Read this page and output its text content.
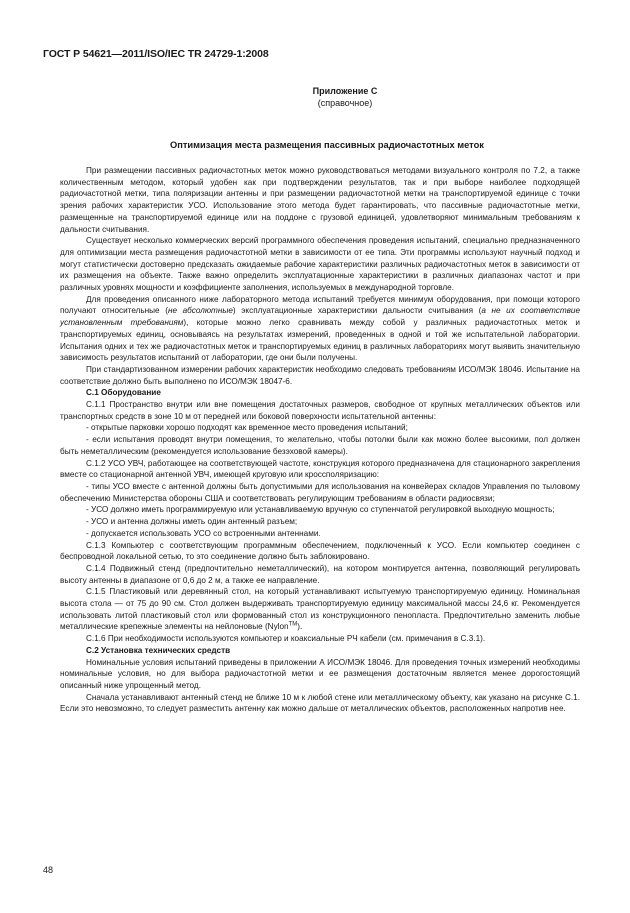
ГОСТ Р 54621—2011/ISO/IEC TR 24729-1:2008
Приложение С
(справочное)
Оптимизация места размещения пассивных радиочастотных меток

При размещении пассивных радиочастотных меток можно руководствоваться методами визуального контроля по 7.2, а также количественным методом, который удобен как при подтверждении результатов, так и при выборе наиболее подходящей радиочастотной метки, типа поляризации антенны и при размещении радиочастотной метки на транспортируемой единице с точки зрения рабочих характеристик УСО. Использование этого метода будет гарантировать, что пассивные радиочастотные метки, размещенные на транспортируемой единице или на поддоне с грузовой единицей, удовлетворяют минимальным требованиям к дальности считывания.

Существует несколько коммерческих версий программного обеспечения проведения испытаний, специально предназначенного для оптимизации места размещения радиочастотной метки в зависимости от ее типа. Эти программы используют научный подход и могут статистически достоверно предсказать ожидаемые рабочие характеристики различных радиочастотных меток в зависимости от их размещения на объекте. Также важно определить эксплуатационные характеристики в различных диапазонах частот и при различных уровнях мощности и коэффициенте заполнения, используемых в международной торговле.

Для проведения описанного ниже лабораторного метода испытаний требуется минимум оборудования, при помощи которого получают относительные (не абсолютные) эксплуатационные характеристики дальности считывания (а не их соответствие установленным требованиям), которые можно легко сравнивать между собой у различных радиочастотных меток и транспортируемых единиц, основываясь на результатах измерений, проведенных в одной и той же испытательной лаборатории. Испытания одних и тех же радиочастотных меток и транспортируемых единиц в различных лабораториях могут выявить значительную зависимость результатов испытаний от лаборатории, где они были получены.

При стандартизованном измерении рабочих характеристик необходимо следовать требованиям ИСО/МЭК 18046. Испытание на соответствие должно быть выполнено по ИСО/МЭК 18047-6.

С.1 Оборудование

С.1.1 Пространство внутри или вне помещения достаточных размеров, свободное от крупных металлических объектов или транспортных средств в зоне 10 м от передней или боковой поверхности испытательной антенны:

- открытые парковки хорошо подходят как временное место проведения испытаний;

- если испытания проводят внутри помещения, то желательно, чтобы потолки были как можно более высокими, пол должен быть неметаллическим (рекомендуется использование безэховой камеры).

С.1.2 УСО УВЧ, работающее на соответствующей частоте, конструкция которого предназначена для стационарного закрепления вместе со стационарной антенной УВЧ, имеющей круговую или кроссполяризацию:

- типы УСО вместе с антенной должны быть допустимыми для использования на конвейерах складов Управления по тыловому обеспечению Министерства обороны США и соответствовать регулирующим требованиям в области радиосвязи;

- УСО должно иметь программируемую или устанавливаемую вручную со ступенчатой регулировкой выходную мощность;

- УСО и антенна должны иметь один антенный разъем;

- допускается использовать УСО со встроенными антеннами.

С.1.3 Компьютер с соответствующим программным обеспечением, подключенный к УСО. Если компьютер соединен с беспроводной локальной сетью, то это соединение должно быть заблокировано.

С.1.4 Подвижный стенд (предпочтительно неметаллический), на котором монтируется антенна, позволяющий регулировать высоту антенны в диапазоне от 0,6 до 2 м, а также ее направление.

С.1.5 Пластиковый или деревянный стол, на который устанавливают испытуемую транспортируемую единицу. Номинальная высота стола — от 75 до 90 см. Стол должен выдерживать транспортируемую единицу максимальной массы 24,6 кг. Рекомендуется использовать литой пластиковый стол или формованный стол из конструкционного пенопласта. Предпочтительно заменить любые металлические крепежные элементы на нейлоновые (Nylon™).

С.1.6 При необходимости используются компьютер и коаксиальные РЧ кабели (см. примечания в С.3.1).

С.2 Установка технических средств

Номинальные условия испытаний приведены в приложении А ИСО/МЭК 18046. Для проведения точных измерений необходимы номинальные условия, но для выбора радиочастотной метки и ее размещения достаточным является менее дорогостоящий описанный ниже упрощенный метод.

Сначала устанавливают антенный стенд не ближе 10 м к любой стене или металлическому объекту, как указано на рисунке С.1. Если это невозможно, то следует разместить антенну как можно дальше от металлических объектов, расположенных напротив нее.

48
